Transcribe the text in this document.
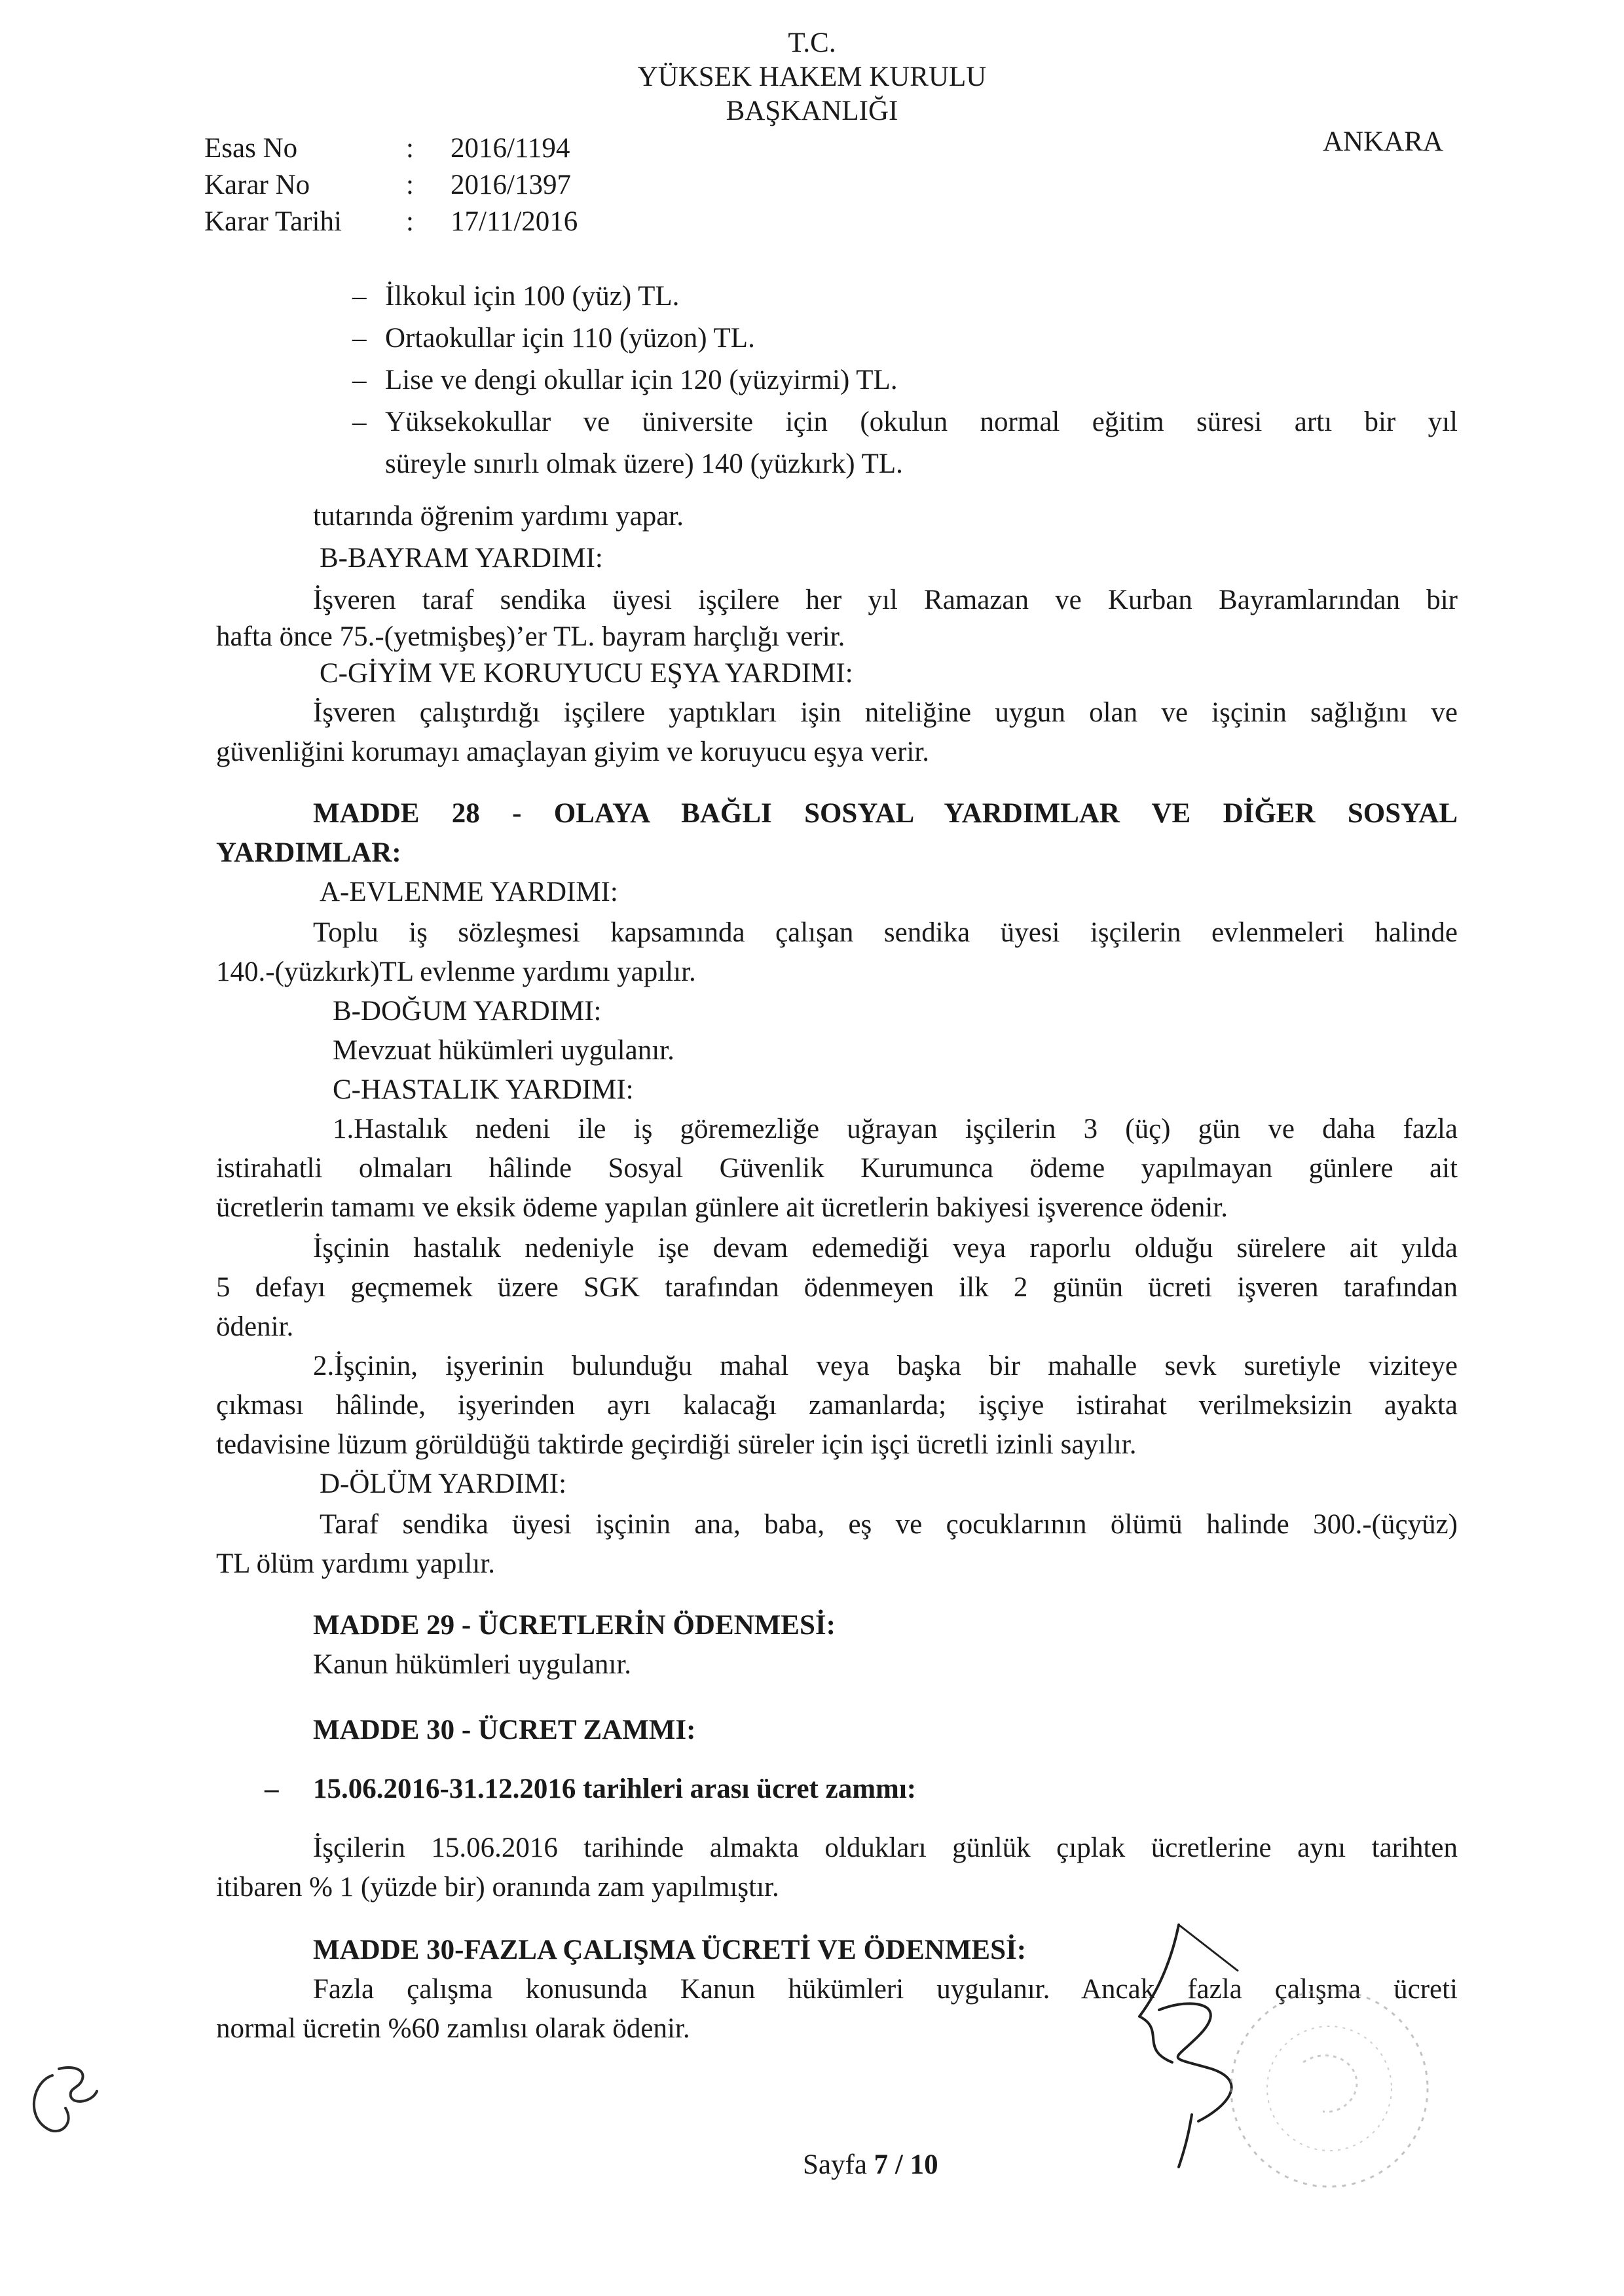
T.C.
YÜKSEK HAKEM KURULU
BAŞKANLIĞI
ANKARA
Esas No	: 2016/1194
Karar No	: 2016/1397
Karar Tarihi : 17/11/2016
– İlkokul için 100 (yüz) TL.
– Ortaokullar için 110 (yüzon) TL.
– Lise ve dengi okullar için 120 (yüzyirmi) TL.
– Yüksekokullar ve üniversite için (okulun normal eğitim süresi artı bir yıl
süreyle sınırlı olmak üzere) 140 (yüzkırk) TL.
tutarında öğrenim yardımı yapar.
B-BAYRAM YARDIMI:
İşveren taraf sendika üyesi işçilere her yıl Ramazan ve Kurban Bayramlarından bir
hafta önce 75.-(yetmişbeş)’er TL. bayram harçlığı verir.
C-GİYİM VE KORUYUCU EŞYA YARDIMI:
İşveren çalıştırdığı işçilere yaptıkları işin niteliğine uygun olan ve işçinin sağlığını ve
güvenliğini korumayı amaçlayan giyim ve koruyucu eşya verir.
MADDE 28 - OLAYA BAĞLI SOSYAL YARDIMLAR VE DİĞER SOSYAL
YARDIMLAR:
A-EVLENME YARDIMI:
Toplu iş sözleşmesi kapsamında çalışan sendika üyesi işçilerin evlenmeleri halinde
140.-(yüzkırk)TL evlenme yardımı yapılır.
B-DOĞUM YARDIMI:
Mevzuat hükümleri uygulanır.
C-HASTALIK YARDIMI:
1.Hastalık nedeni ile iş göremezliğe uğrayan işçilerin 3 (üç) gün ve daha fazla
istirahatli olmaları hâlinde Sosyal Güvenlik Kurumunca ödeme yapılmayan günlere ait
ücretlerin tamamı ve eksik ödeme yapılan günlere ait ücretlerin bakiyesi işverence ödenir.
İşçinin hastalık nedeniyle işe devam edemediği veya raporlu olduğu sürelere ait yılda
5 defayı geçmemek üzere SGK tarafından ödenmeyen ilk 2 günün ücreti işveren tarafından
ödenir.
2.İşçinin, işyerinin bulunduğu mahal veya başka bir mahalle sevk suretiyle viziteye
çıkması hâlinde, işyerinden ayrı kalacağı zamanlarda; işçiye istirahat verilmeksizin ayakta
tedavisine lüzum görüldüğü taktirde geçirdiği süreler için işçi ücretli izinli sayılır.
D-ÖLÜM YARDIMI:
Taraf sendika üyesi işçinin ana, baba, eş ve çocuklarının ölümü halinde 300.-(üçyüz)
TL ölüm yardımı yapılır.
MADDE 29 - ÜCRETLERİN ÖDENMESİ:
Kanun hükümleri uygulanır.
MADDE 30 - ÜCRET ZAMMI:
– 15.06.2016-31.12.2016 tarihleri arası ücret zammı:
İşçilerin 15.06.2016 tarihinde almakta oldukları günlük çıplak ücretlerine aynı tarihten
itibaren % 1 (yüzde bir) oranında zam yapılmıştır.
MADDE 30-FAZLA ÇALIŞMA ÜCRETİ VE ÖDENMESİ:
Fazla çalışma konusunda Kanun hükümleri uygulanır. Ancak fazla çalışma ücreti
normal ücretin %60 zamlısı olarak ödenir.
Sayfa 7 / 10
